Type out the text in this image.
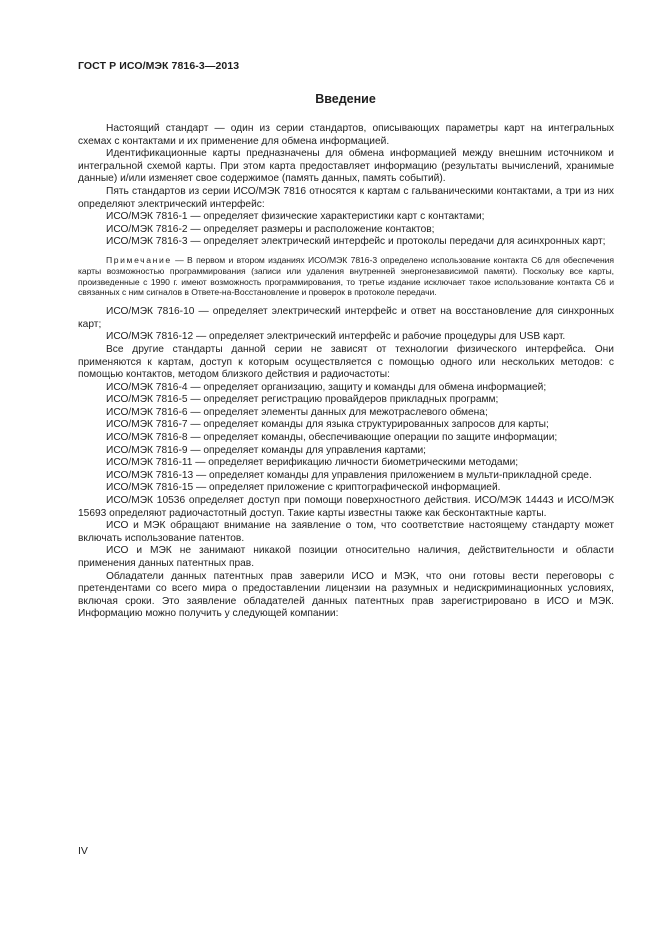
ГОСТ Р ИСО/МЭК 7816-3—2013
Введение

Настоящий стандарт — один из серии стандартов, описывающих параметры карт на интегральных схемах с контактами и их применение для обмена информацией.

Идентификационные карты предназначены для обмена информацией между внешним источником и интегральной схемой карты. При этом карта предоставляет информацию (результаты вычислений, хранимые данные) и/или изменяет свое содержимое (память данных, память событий).

Пять стандартов из серии ИСО/МЭК 7816 относятся к картам с гальваническими контактами, а три из них определяют электрический интерфейс:

ИСО/МЭК 7816-1 — определяет физические характеристики карт с контактами;

ИСО/МЭК 7816-2 — определяет размеры и расположение контактов;

ИСО/МЭК 7816-3 — определяет электрический интерфейс и протоколы передачи для асинхронных карт;

Примечание — В первом и втором изданиях ИСО/МЭК 7816-3 определено использование контакта С6 для обеспечения карты возможностью программирования (записи или удаления внутренней энергонезависимой памяти). Поскольку все карты, произведенные с 1990 г. имеют возможность программирования, то третье издание исключает такое использование контакта С6 и связанных с ним сигналов в Ответе-на-Восстановление и проверок в протоколе передачи.

ИСО/МЭК 7816-10 — определяет электрический интерфейс и ответ на восстановление для синхронных карт;

ИСО/МЭК 7816-12 — определяет электрический интерфейс и рабочие процедуры для USB карт.

Все другие стандарты данной серии не зависят от технологии физического интерфейса. Они применяются к картам, доступ к которым осуществляется с помощью одного или нескольких методов: с помощью контактов, методом близкого действия и радиочастоты:

ИСО/МЭК 7816-4 — определяет организацию, защиту и команды для обмена информацией;

ИСО/МЭК 7816-5 — определяет регистрацию провайдеров прикладных программ;

ИСО/МЭК 7816-6 — определяет элементы данных для межотраслевого обмена;

ИСО/МЭК 7816-7 — определяет команды для языка структурированных запросов для карты;

ИСО/МЭК 7816-8 — определяет команды, обеспечивающие операции по защите информации;

ИСО/МЭК 7816-9 — определяет команды для управления картами;

ИСО/МЭК 7816-11 — определяет верификацию личности биометрическими методами;

ИСО/МЭК 7816-13 — определяет команды для управления приложением в мульти-прикладной среде.

ИСО/МЭК 7816-15 — определяет приложение с криптографической информацией.

ИСО/МЭК 10536 определяет доступ при помощи поверхностного действия. ИСО/МЭК 14443 и ИСО/МЭК 15693 определяют радиочастотный доступ. Такие карты известны также как бесконтактные карты.

ИСО и МЭК обращают внимание на заявление о том, что соответствие настоящему стандарту может включать использование патентов.

ИСО и МЭК не занимают никакой позиции относительно наличия, действительности и области применения данных патентных прав.

Обладатели данных патентных прав заверили ИСО и МЭК, что они готовы вести переговоры с претендентами со всего мира о предоставлении лицензии на разумных и недискриминационных условиях, включая сроки. Это заявление обладателей данных патентных прав зарегистрировано в ИСО и МЭК. Информацию можно получить у следующей компании:

IV
